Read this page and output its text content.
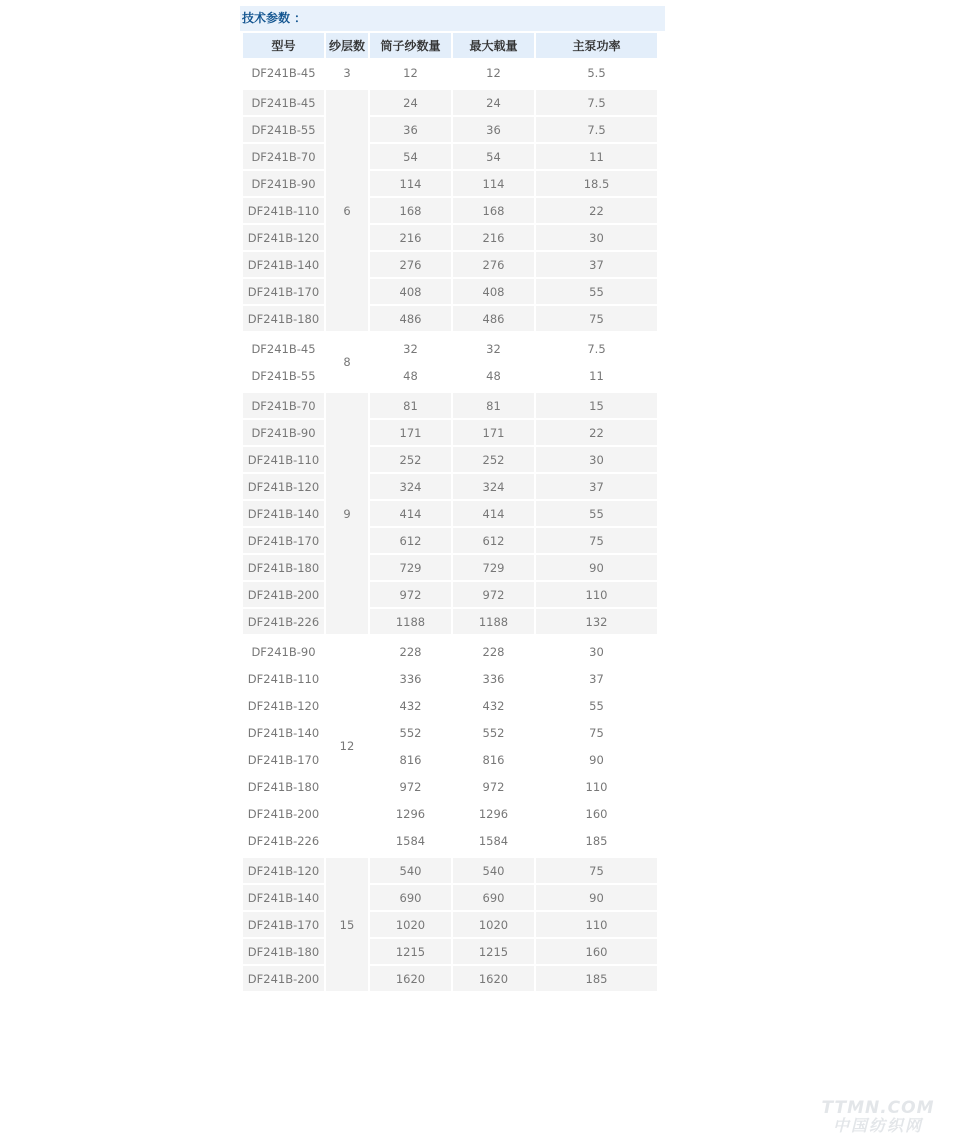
技术参数 ：
型号	纱层数	筒子纱数量	最大载量	主泵功率
DF241B-45	3	12	12	5.5

DF241B-45	6	24	24	7.5
DF241B-55		36	36	7.5
DF241B-70		54	54	11
DF241B-90		114	114	18.5
DF241B-110		168	168	22
DF241B-120		216	216	30
DF241B-140		276	276	37
DF241B-170		408	408	55
DF241B-180		486	486	75

DF241B-45	8	32	32	7.5
DF241B-55		48	48	11

DF241B-70	9	81	81	15
DF241B-90		171	171	22
DF241B-110		252	252	30
DF241B-120		324	324	37
DF241B-140		414	414	55
DF241B-170		612	612	75
DF241B-180		729	729	90
DF241B-200		972	972	110
DF241B-226		1188	1188	132

DF241B-90	12	228	228	30
DF241B-110		336	336	37
DF241B-120		432	432	55
DF241B-140		552	552	75
DF241B-170		816	816	90
DF241B-180		972	972	110
DF241B-200		1296	1296	160
DF241B-226		1584	1584	185

DF241B-120	15	540	540	75
DF241B-140		690	690	90
DF241B-170		1020	1020	110
DF241B-180		1215	1215	160
DF241B-200		1620	1620	185
TTMN.COM
中国纺织网
